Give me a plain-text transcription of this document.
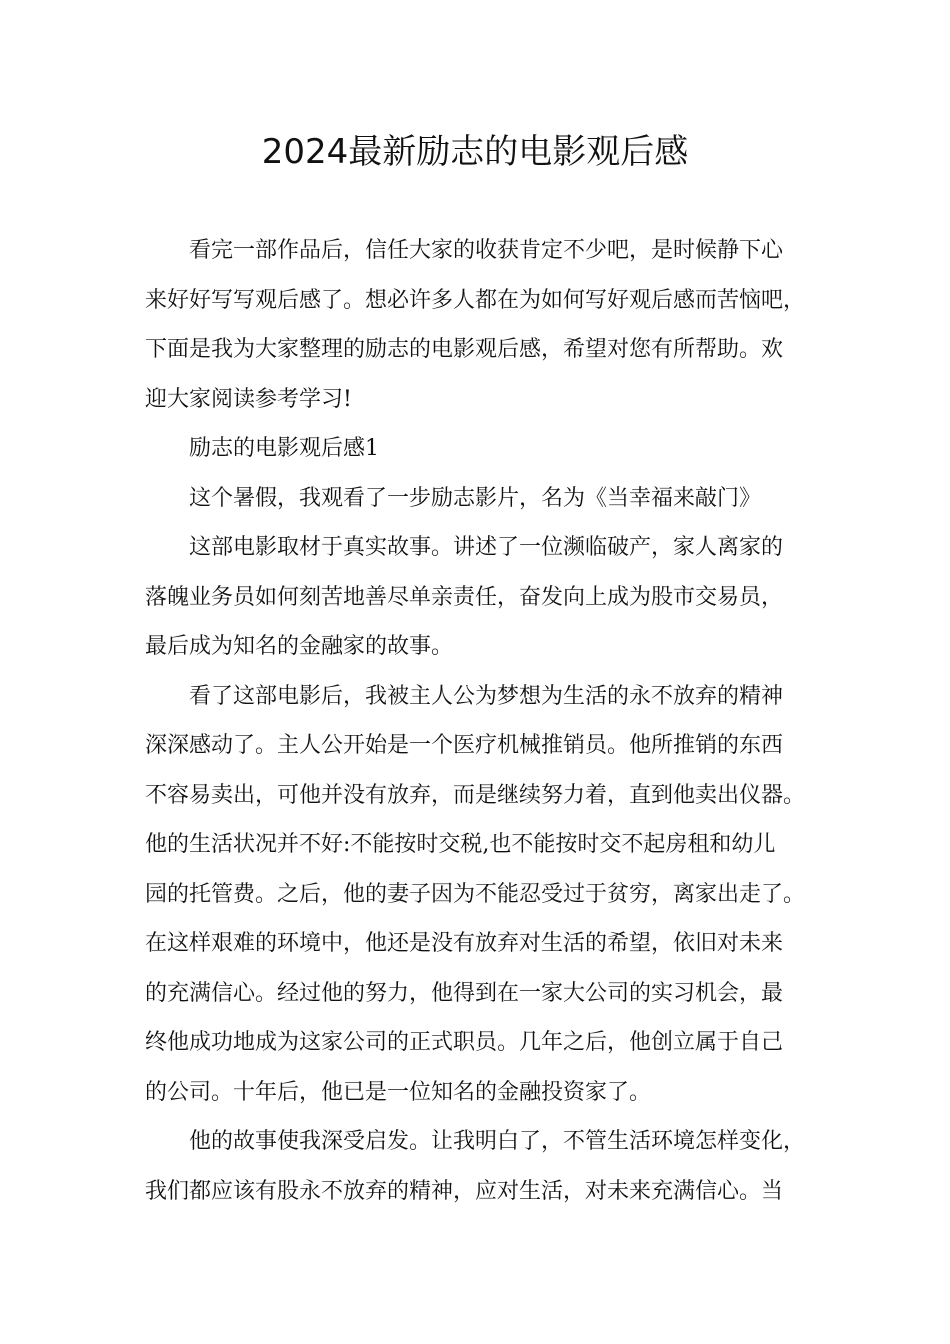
2024最新励志的电影观后感
看完一部作品后，信任大家的收获肯定不少吧，是时候静下心
来好好写写观后感了。想必许多人都在为如何写好观后感而苦恼吧，
下面是我为大家整理的励志的电影观后感，希望对您有所帮助。欢
迎大家阅读参考学习!
励志的电影观后感1
这个暑假，我观看了一步励志影片，名为《当幸福来敲门》
这部电影取材于真实故事。讲述了一位濒临破产，家人离家的
落魄业务员如何刻苦地善尽单亲责任，奋发向上成为股市交易员，
最后成为知名的金融家的故事。
看了这部电影后，我被主人公为梦想为生活的永不放弃的精神
深深感动了。主人公开始是一个医疗机械推销员。他所推销的东西
不容易卖出，可他并没有放弃，而是继续努力着，直到他卖出仪器。
他的生活状况并不好:不能按时交税,也不能按时交不起房租和幼儿
园的托管费。之后，他的妻子因为不能忍受过于贫穷，离家出走了。
在这样艰难的环境中，他还是没有放弃对生活的希望，依旧对未来
的充满信心。经过他的努力，他得到在一家大公司的实习机会，最
终他成功地成为这家公司的正式职员。几年之后，他创立属于自己
的公司。十年后，他已是一位知名的金融投资家了。
他的故事使我深受启发。让我明白了，不管生活环境怎样变化，
我们都应该有股永不放弃的精神，应对生活，对未来充满信心。当
